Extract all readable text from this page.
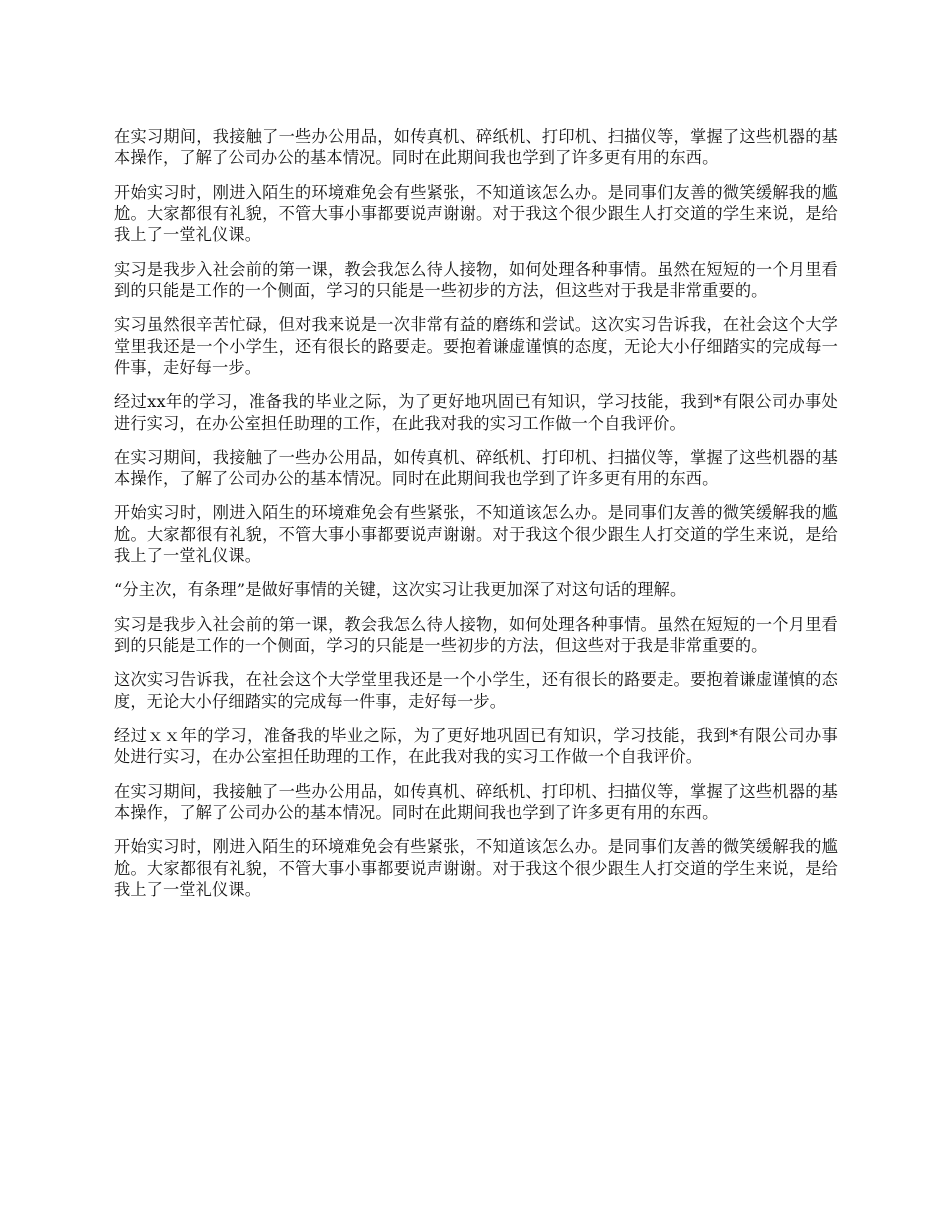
在实习期间，我接触了一些办公用品，如传真机、碎纸机、打印机、扫描仪等，掌握了这些机器的基本操作，了解了公司办公的基本情况。同时在此期间我也学到了许多更有用的东西。

开始实习时，刚进入陌生的环境难免会有些紧张，不知道该怎么办。是同事们友善的微笑缓解我的尴尬。大家都很有礼貌，不管大事小事都要说声谢谢。对于我这个很少跟生人打交道的学生来说，是给我上了一堂礼仪课。

实习是我步入社会前的第一课，教会我怎么待人接物，如何处理各种事情。虽然在短短的一个月里看到的只能是工作的一个侧面，学习的只能是一些初步的方法，但这些对于我是非常重要的。

实习虽然很辛苦忙碌，但对我来说是一次非常有益的磨练和尝试。这次实习告诉我，在社会这个大学堂里我还是一个小学生，还有很长的路要走。要抱着谦虚谨慎的态度，无论大小仔细踏实的完成每一件事，走好每一步。

经过xx年的学习，准备我的毕业之际，为了更好地巩固已有知识，学习技能，我到*有限公司办事处进行实习，在办公室担任助理的工作，在此我对我的实习工作做一个自我评价。

在实习期间，我接触了一些办公用品，如传真机、碎纸机、打印机、扫描仪等，掌握了这些机器的基本操作，了解了公司办公的基本情况。同时在此期间我也学到了许多更有用的东西。

开始实习时，刚进入陌生的环境难免会有些紧张，不知道该怎么办。是同事们友善的微笑缓解我的尴尬。大家都很有礼貌，不管大事小事都要说声谢谢。对于我这个很少跟生人打交道的学生来说，是给我上了一堂礼仪课。

“分主次，有条理”是做好事情的关键，这次实习让我更加深了对这句话的理解。

实习是我步入社会前的第一课，教会我怎么待人接物，如何处理各种事情。虽然在短短的一个月里看到的只能是工作的一个侧面，学习的只能是一些初步的方法，但这些对于我是非常重要的。

这次实习告诉我，在社会这个大学堂里我还是一个小学生，还有很长的路要走。要抱着谦虚谨慎的态度，无论大小仔细踏实的完成每一件事，走好每一步。

经过ｘｘ年的学习，准备我的毕业之际，为了更好地巩固已有知识，学习技能，我到*有限公司办事处进行实习，在办公室担任助理的工作，在此我对我的实习工作做一个自我评价。

在实习期间，我接触了一些办公用品，如传真机、碎纸机、打印机、扫描仪等，掌握了这些机器的基本操作，了解了公司办公的基本情况。同时在此期间我也学到了许多更有用的东西。

开始实习时，刚进入陌生的环境难免会有些紧张，不知道该怎么办。是同事们友善的微笑缓解我的尴尬。大家都很有礼貌，不管大事小事都要说声谢谢。对于我这个很少跟生人打交道的学生来说，是给我上了一堂礼仪课。
